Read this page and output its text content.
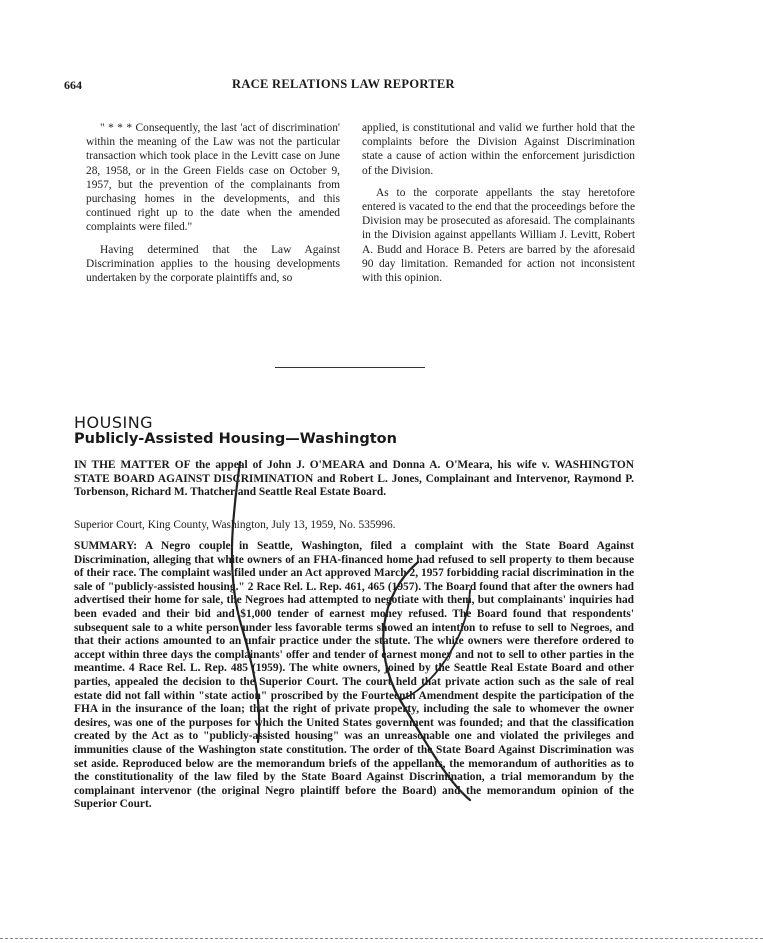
664	RACE RELATIONS LAW REPORTER

" * * * Consequently, the last 'act of discrimination' within the meaning of the Law was not the particular transaction which took place in the Levitt case on June 28, 1958, or in the Green Fields case on October 9, 1957, but the prevention of the complainants from purchasing homes in the developments, and this continued right up to the date when the amended complaints were filed."

Having determined that the Law Against Discrimination applies to the housing developments undertaken by the corporate plaintiffs and, so

applied, is constitutional and valid we further hold that the complaints before the Division Against Discrimination state a cause of action within the enforcement jurisdiction of the Division.

As to the corporate appellants the stay heretofore entered is vacated to the end that the proceedings before the Division may be prosecuted as aforesaid. The complainants in the Division against appellants William J. Levitt, Robert A. Budd and Horace B. Peters are barred by the aforesaid 90 day limitation. Remanded for action not inconsistent with this opinion.

HOUSING
Publicly-Assisted Housing—Washington
IN THE MATTER OF the appeal of John J. O'MEARA and Donna A. O'Meara, his wife v. WASHINGTON STATE BOARD AGAINST DISCRIMINATION and Robert L. Jones, Complainant and Intervenor, Raymond P. Torbenson, Richard M. Thatcher and Seattle Real Estate Board.
Superior Court, King County, Washington, July 13, 1959, No. 535996.
SUMMARY: A Negro couple in Seattle, Washington, filed a complaint with the State Board Against Discrimination, alleging that white owners of an FHA-financed home had refused to sell property to them because of their race. The complaint was filed under an Act approved March 2, 1957 forbidding racial discrimination in the sale of "publicly-assisted housing." 2 Race Rel. L. Rep. 461, 465 (1957). The Board found that after the owners had advertised their home for sale, the Negroes had attempted to negotiate with them, but complainants' inquiries had been evaded and their bid and $1,000 tender of earnest money refused. The Board found that respondents' subsequent sale to a white person under less favorable terms showed an intention to refuse to sell to Negroes, and that their actions amounted to an unfair practice under the statute. The white owners were therefore ordered to accept within three days the complainants' offer and tender of earnest money and not to sell to other parties in the meantime. 4 Race Rel. L. Rep. 485 (1959). The white owners, joined by the Seattle Real Estate Board and other parties, appealed the decision to the Superior Court. The court held that private action such as the sale of real estate did not fall within "state action" proscribed by the Fourteenth Amendment despite the participation of the FHA in the insurance of the loan; that the right of private property, including the sale to whomever the owner desires, was one of the purposes for which the United States government was founded; and that the classification created by the Act as to "publicly-assisted housing" was an unreasonable one and violated the privileges and immunities clause of the Washington state constitution. The order of the State Board Against Discrimination was set aside. Reproduced below are the memorandum briefs of the appellants, the memorandum of authorities as to the constitutionality of the law filed by the State Board Against Discrimination, a trial memorandum by the complainant intervenor (the original Negro plaintiff before the Board) and the memorandum opinion of the Superior Court.
